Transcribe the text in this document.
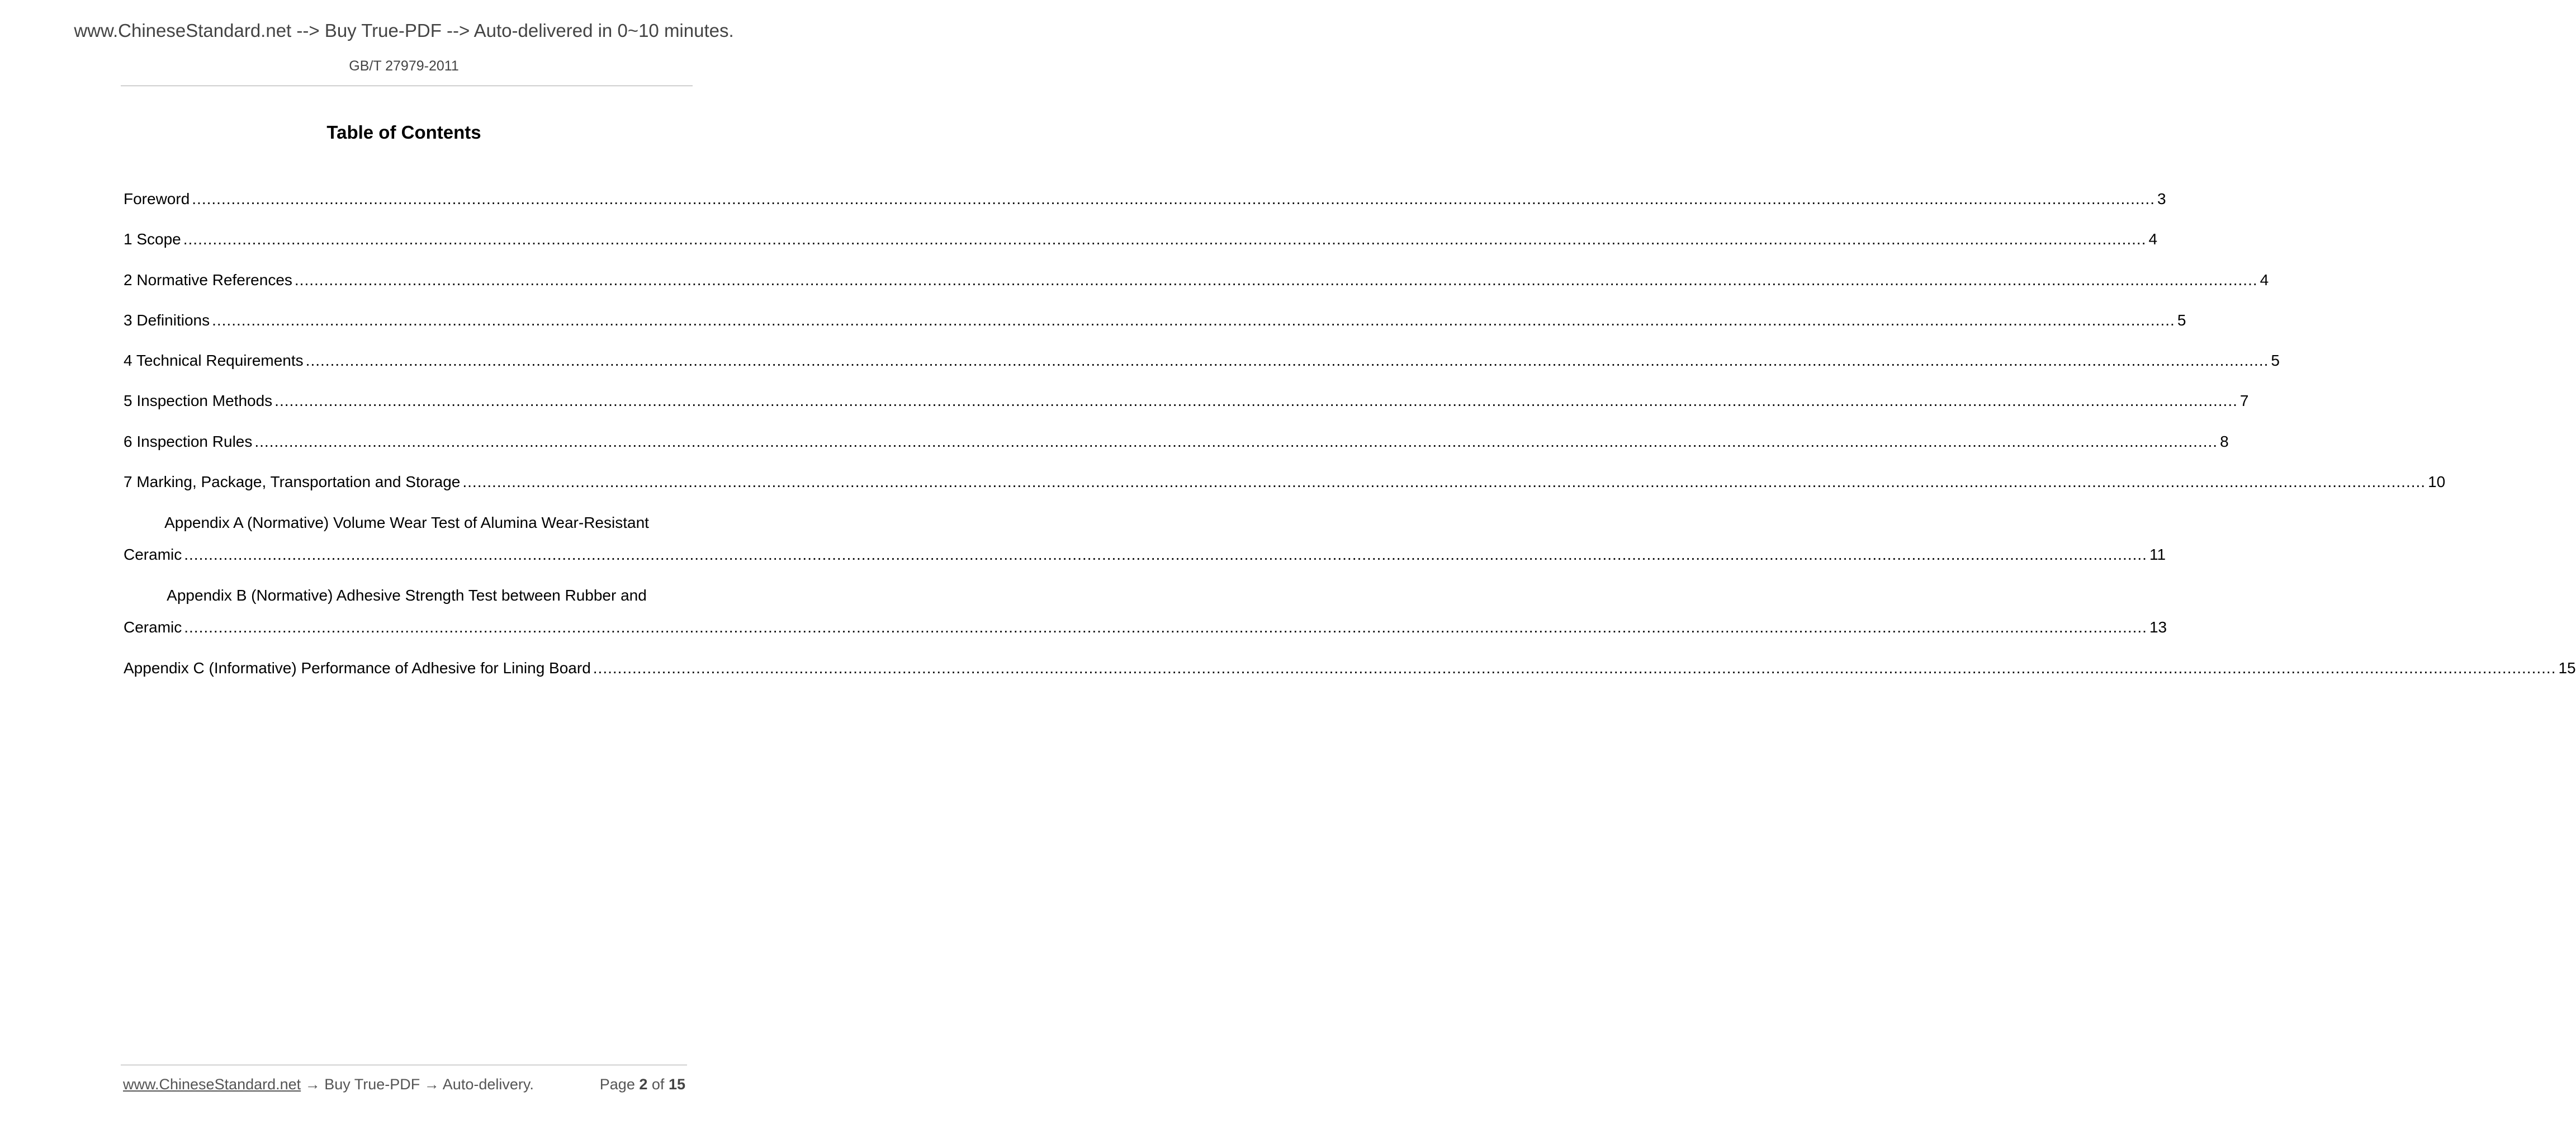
www.ChineseStandard.net --> Buy True-PDF --> Auto-delivered in 0~10 minutes.
GB/T 27979-2011
Table of Contents
Foreword ................................................................................................................................................................................................................................................................................................................................................................................................................ 3
1 Scope ................................................................................................................................................................................................................................................................................................................................................................................................................ 4
2 Normative References ................................................................................................................................................................................................................................................................................................................................................................................................................ 4
3 Definitions ................................................................................................................................................................................................................................................................................................................................................................................................................ 5
4 Technical Requirements ................................................................................................................................................................................................................................................................................................................................................................................................................ 5
5 Inspection Methods ................................................................................................................................................................................................................................................................................................................................................................................................................ 7
6 Inspection Rules ................................................................................................................................................................................................................................................................................................................................................................................................................ 8
7 Marking, Package, Transportation and Storage ................................................................................................................................................................................................................................................................................................................................................................................................................ 10
Appendix A (Normative) Volume Wear Test of Alumina Wear-Resistant
Ceramic ................................................................................................................................................................................................................................................................................................................................................................................................................ 11
Appendix B (Normative) Adhesive Strength Test between Rubber and
Ceramic ................................................................................................................................................................................................................................................................................................................................................................................................................ 13
Appendix C (Informative) Performance of Adhesive for Lining Board ................................................................................................................................................................................................................................................................................................................................................................................................................ 15
www.ChineseStandard.net → Buy True-PDF → Auto-delivery.	Page 2 of 15
